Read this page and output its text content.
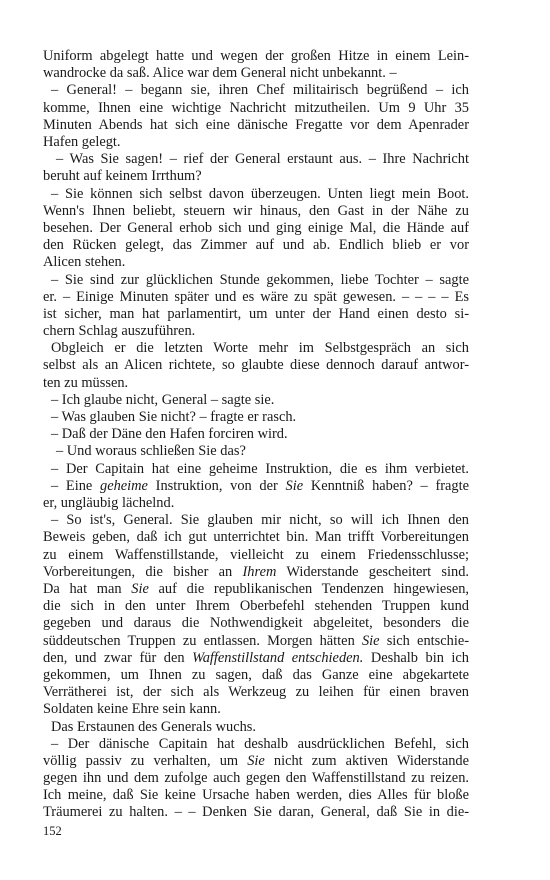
Uniform abgelegt hatte und wegen der großen Hitze in einem Lein-
wandrocke da saß. Alice war dem General nicht unbekannt. –
– General! – begann sie, ihren Chef militairisch begrüßend – ich
komme, Ihnen eine wichtige Nachricht mitzutheilen. Um 9 Uhr 35
Minuten Abends hat sich eine dänische Fregatte vor dem Apenrader
Hafen gelegt.
– Was Sie sagen! – rief der General erstaunt aus. – Ihre Nachricht
beruht auf keinem Irrthum?
– Sie können sich selbst davon überzeugen. Unten liegt mein Boot.
Wenn's Ihnen beliebt, steuern wir hinaus, den Gast in der Nähe zu
besehen. Der General erhob sich und ging einige Mal, die Hände auf
den Rücken gelegt, das Zimmer auf und ab. Endlich blieb er vor
Alicen stehen.
– Sie sind zur glücklichen Stunde gekommen, liebe Tochter – sagte
er. – Einige Minuten später und es wäre zu spät gewesen. – – – – Es
ist sicher, man hat parlamentirt, um unter der Hand einen desto si-
chern Schlag auszuführen.
Obgleich er die letzten Worte mehr im Selbstgespräch an sich
selbst als an Alicen richtete, so glaubte diese dennoch darauf antwor-
ten zu müssen.
– Ich glaube nicht, General – sagte sie.
– Was glauben Sie nicht? – fragte er rasch.
– Daß der Däne den Hafen forciren wird.
– Und woraus schließen Sie das?
– Der Capitain hat eine geheime Instruktion, die es ihm verbietet.
– Eine geheime Instruktion, von der Sie Kenntniß haben? – fragte
er, ungläubig lächelnd.
– So ist's, General. Sie glauben mir nicht, so will ich Ihnen den
Beweis geben, daß ich gut unterrichtet bin. Man trifft Vorbereitungen
zu einem Waffenstillstande, vielleicht zu einem Friedensschlusse;
Vorbereitungen, die bisher an Ihrem Widerstande gescheitert sind.
Da hat man Sie auf die republikanischen Tendenzen hingewiesen,
die sich in den unter Ihrem Oberbefehl stehenden Truppen kund
gegeben und daraus die Nothwendigkeit abgeleitet, besonders die
süddeutschen Truppen zu entlassen. Morgen hätten Sie sich entschie-
den, und zwar für den Waffenstillstand entschieden. Deshalb bin ich
gekommen, um Ihnen zu sagen, daß das Ganze eine abgekartete
Verrätherei ist, der sich als Werkzeug zu leihen für einen braven
Soldaten keine Ehre sein kann.
Das Erstaunen des Generals wuchs.
– Der dänische Capitain hat deshalb ausdrücklichen Befehl, sich
völlig passiv zu verhalten, um Sie nicht zum aktiven Widerstande
gegen ihn und dem zufolge auch gegen den Waffenstillstand zu reizen.
Ich meine, daß Sie keine Ursache haben werden, dies Alles für bloße
Träumerei zu halten. – – Denken Sie daran, General, daß Sie in die-
152
